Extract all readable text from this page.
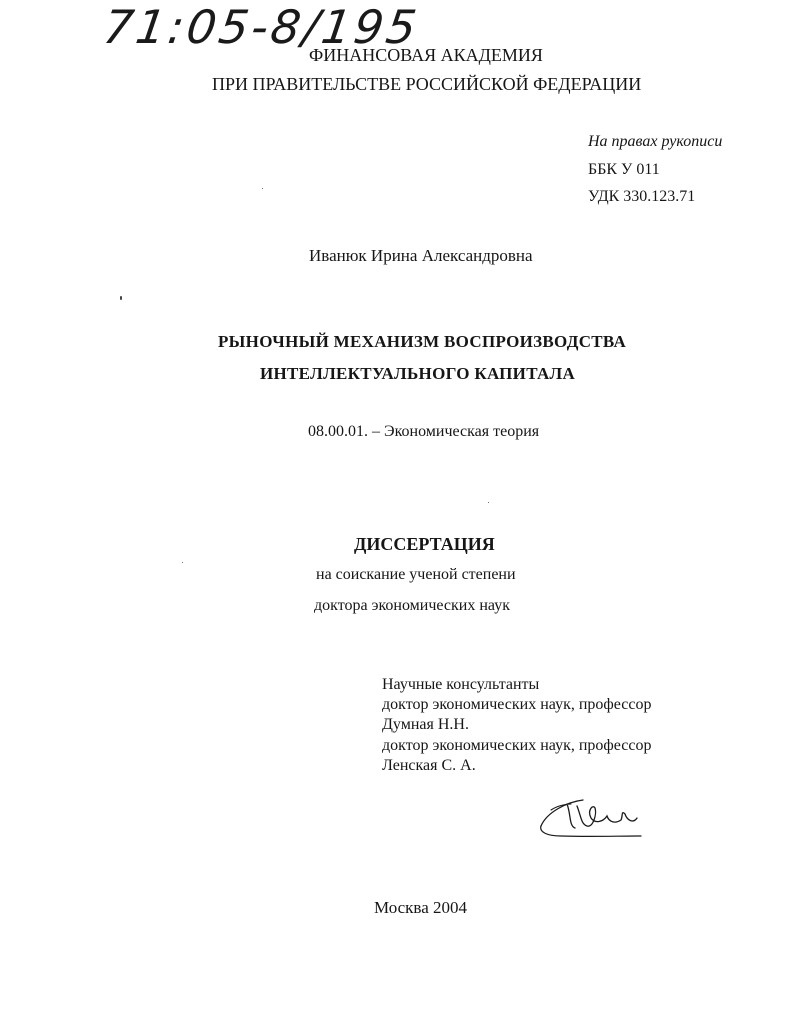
71:05-8/195

ФИНАНСОВАЯ АКАДЕМИЯ

ПРИ ПРАВИТЕЛЬСТВЕ РОССИЙСКОЙ ФЕДЕРАЦИИ

На правах рукописи

ББК У 011

УДК 330.123.71

Иванюк Ирина Александровна

РЫНОЧНЫЙ МЕХАНИЗМ ВОСПРОИЗВОДСТВА

ИНТЕЛЛЕКТУАЛЬНОГО КАПИТАЛА

08.00.01. – Экономическая теория

ДИССЕРТАЦИЯ

на соискание ученой степени

доктора экономических наук

Научные консультанты

доктор экономических наук, профессор

Думная Н.Н.

доктор экономических наук, профессор

Ленская С. А.

Москва 2004
